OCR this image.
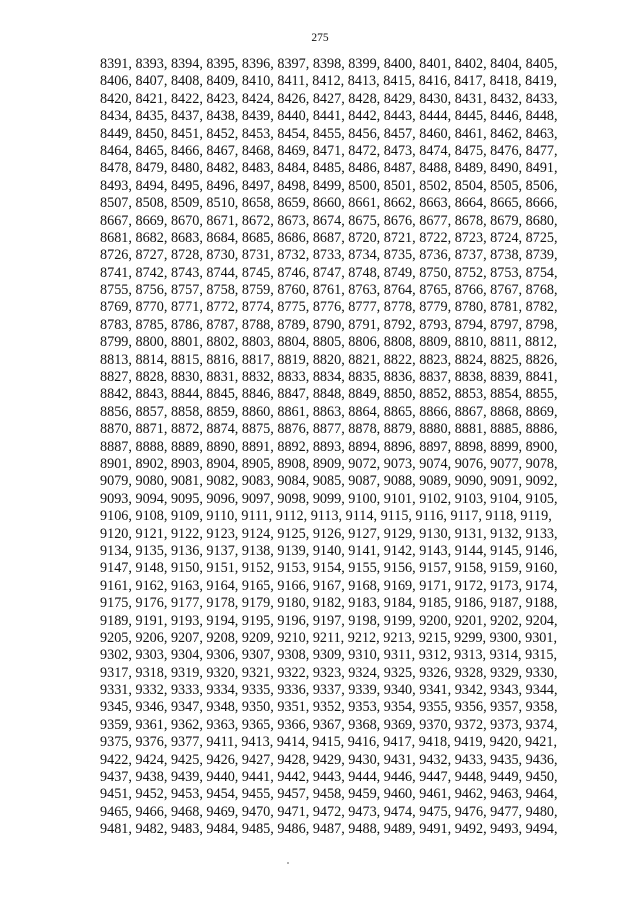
275
8391, 8393, 8394, 8395, 8396, 8397, 8398, 8399, 8400, 8401, 8402, 8404, 8405,
8406, 8407, 8408, 8409, 8410, 8411, 8412, 8413, 8415, 8416, 8417, 8418, 8419,
8420, 8421, 8422, 8423, 8424, 8426, 8427, 8428, 8429, 8430, 8431, 8432, 8433,
8434, 8435, 8437, 8438, 8439, 8440, 8441, 8442, 8443, 8444, 8445, 8446, 8448,
8449, 8450, 8451, 8452, 8453, 8454, 8455, 8456, 8457, 8460, 8461, 8462, 8463,
8464, 8465, 8466, 8467, 8468, 8469, 8471, 8472, 8473, 8474, 8475, 8476, 8477,
8478, 8479, 8480, 8482, 8483, 8484, 8485, 8486, 8487, 8488, 8489, 8490, 8491,
8493, 8494, 8495, 8496, 8497, 8498, 8499, 8500, 8501, 8502, 8504, 8505, 8506,
8507, 8508, 8509, 8510, 8658, 8659, 8660, 8661, 8662, 8663, 8664, 8665, 8666,
8667, 8669, 8670, 8671, 8672, 8673, 8674, 8675, 8676, 8677, 8678, 8679, 8680,
8681, 8682, 8683, 8684, 8685, 8686, 8687, 8720, 8721, 8722, 8723, 8724, 8725,
8726, 8727, 8728, 8730, 8731, 8732, 8733, 8734, 8735, 8736, 8737, 8738, 8739,
8741, 8742, 8743, 8744, 8745, 8746, 8747, 8748, 8749, 8750, 8752, 8753, 8754,
8755, 8756, 8757, 8758, 8759, 8760, 8761, 8763, 8764, 8765, 8766, 8767, 8768,
8769, 8770, 8771, 8772, 8774, 8775, 8776, 8777, 8778, 8779, 8780, 8781, 8782,
8783, 8785, 8786, 8787, 8788, 8789, 8790, 8791, 8792, 8793, 8794, 8797, 8798,
8799, 8800, 8801, 8802, 8803, 8804, 8805, 8806, 8808, 8809, 8810, 8811, 8812,
8813, 8814, 8815, 8816, 8817, 8819, 8820, 8821, 8822, 8823, 8824, 8825, 8826,
8827, 8828, 8830, 8831, 8832, 8833, 8834, 8835, 8836, 8837, 8838, 8839, 8841,
8842, 8843, 8844, 8845, 8846, 8847, 8848, 8849, 8850, 8852, 8853, 8854, 8855,
8856, 8857, 8858, 8859, 8860, 8861, 8863, 8864, 8865, 8866, 8867, 8868, 8869,
8870, 8871, 8872, 8874, 8875, 8876, 8877, 8878, 8879, 8880, 8881, 8885, 8886,
8887, 8888, 8889, 8890, 8891, 8892, 8893, 8894, 8896, 8897, 8898, 8899, 8900,
8901, 8902, 8903, 8904, 8905, 8908, 8909, 9072, 9073, 9074, 9076, 9077, 9078,
9079, 9080, 9081, 9082, 9083, 9084, 9085, 9087, 9088, 9089, 9090, 9091, 9092,
9093, 9094, 9095, 9096, 9097, 9098, 9099, 9100, 9101, 9102, 9103, 9104, 9105,
9106, 9108, 9109, 9110, 9111, 9112, 9113, 9114, 9115, 9116, 9117, 9118, 9119,
9120, 9121, 9122, 9123, 9124, 9125, 9126, 9127, 9129, 9130, 9131, 9132, 9133,
9134, 9135, 9136, 9137, 9138, 9139, 9140, 9141, 9142, 9143, 9144, 9145, 9146,
9147, 9148, 9150, 9151, 9152, 9153, 9154, 9155, 9156, 9157, 9158, 9159, 9160,
9161, 9162, 9163, 9164, 9165, 9166, 9167, 9168, 9169, 9171, 9172, 9173, 9174,
9175, 9176, 9177, 9178, 9179, 9180, 9182, 9183, 9184, 9185, 9186, 9187, 9188,
9189, 9191, 9193, 9194, 9195, 9196, 9197, 9198, 9199, 9200, 9201, 9202, 9204,
9205, 9206, 9207, 9208, 9209, 9210, 9211, 9212, 9213, 9215, 9299, 9300, 9301,
9302, 9303, 9304, 9306, 9307, 9308, 9309, 9310, 9311, 9312, 9313, 9314, 9315,
9317, 9318, 9319, 9320, 9321, 9322, 9323, 9324, 9325, 9326, 9328, 9329, 9330,
9331, 9332, 9333, 9334, 9335, 9336, 9337, 9339, 9340, 9341, 9342, 9343, 9344,
9345, 9346, 9347, 9348, 9350, 9351, 9352, 9353, 9354, 9355, 9356, 9357, 9358,
9359, 9361, 9362, 9363, 9365, 9366, 9367, 9368, 9369, 9370, 9372, 9373, 9374,
9375, 9376, 9377, 9411, 9413, 9414, 9415, 9416, 9417, 9418, 9419, 9420, 9421,
9422, 9424, 9425, 9426, 9427, 9428, 9429, 9430, 9431, 9432, 9433, 9435, 9436,
9437, 9438, 9439, 9440, 9441, 9442, 9443, 9444, 9446, 9447, 9448, 9449, 9450,
9451, 9452, 9453, 9454, 9455, 9457, 9458, 9459, 9460, 9461, 9462, 9463, 9464,
9465, 9466, 9468, 9469, 9470, 9471, 9472, 9473, 9474, 9475, 9476, 9477, 9480,
9481, 9482, 9483, 9484, 9485, 9486, 9487, 9488, 9489, 9491, 9492, 9493, 9494,
